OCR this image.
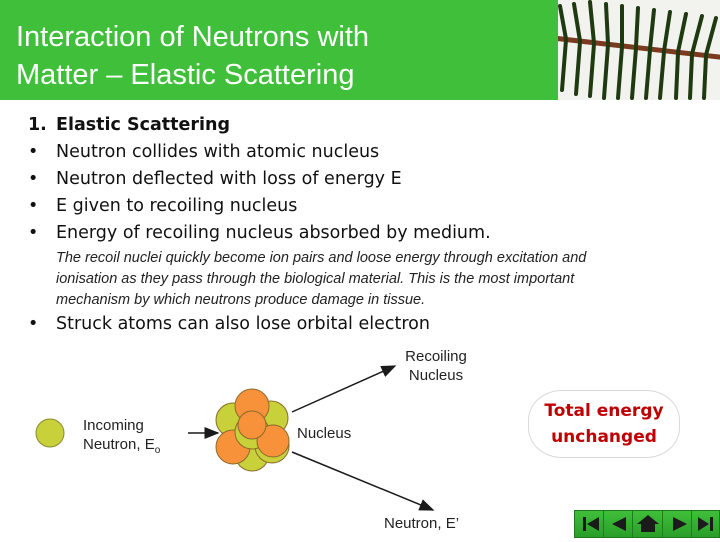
Interaction of Neutrons with
Matter – Elastic Scattering
1. Elastic Scattering
•	Neutron collides with atomic nucleus
•	Neutron deflected with loss of energy E
•	E given to recoiling nucleus
•	Energy of recoiling nucleus absorbed by medium.
The recoil nuclei quickly become ion pairs and loose energy through excitation and
ionisation as they pass through the biological material. This is the most important
mechanism by which neutrons produce damage in tissue.
•	Struck atoms can also lose orbital electron
Recoiling
Nucleus
Incoming
Neutron, $E_o$
Nucleus
Neutron, E’
Total energy
unchanged
